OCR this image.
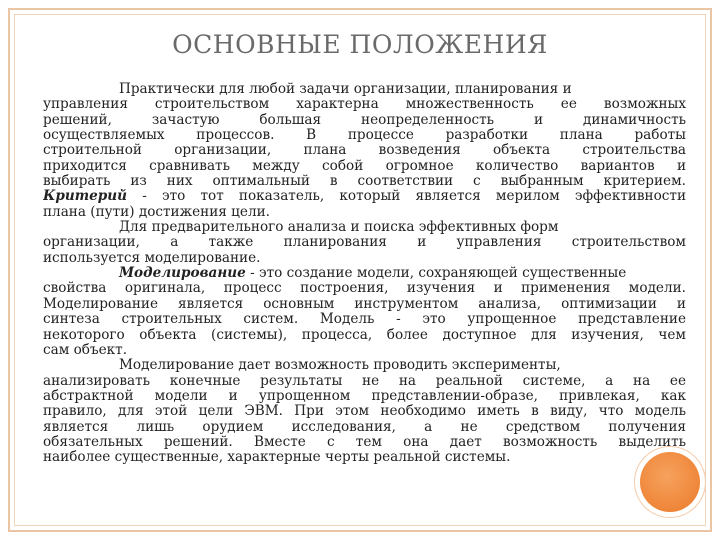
ОСНОВНЫЕ ПОЛОЖЕНИЯ
Практически для любой задачи организации, планирования и
управления строительством характерна множественность ее возможных
решений, зачастую большая неопределенность и динамичность
осуществляемых процессов. В процессе разработки плана работы
строительной организации, плана возведения объекта строительства
приходится сравнивать между собой огромное количество вариантов и
выбирать из них оптимальный в соответствии с выбранным критерием.
Критерий - это тот показатель, который является мерилом эффективности
плана (пути) достижения цели.
Для предварительного анализа и поиска эффективных форм
организации, а также планирования и управления строительством
используется моделирование.
Моделирование - это создание модели, сохраняющей существенные
свойства оригинала, процесс построения, изучения и применения модели.
Моделирование является основным инструментом анализа, оптимизации и
синтеза строительных систем. Модель - это упрощенное представление
некоторого объекта (системы), процесса, более доступное для изучения, чем
сам объект.
Моделирование дает возможность проводить эксперименты,
анализировать конечные результаты не на реальной системе, а на ее
абстрактной модели и упрощенном представлении-образе, привлекая, как
правило, для этой цели ЭВМ. При этом необходимо иметь в виду, что модель
является лишь орудием исследования, а не средством получения
обязательных решений. Вместе с тем она дает возможность выделить
наиболее существенные, характерные черты реальной системы.
